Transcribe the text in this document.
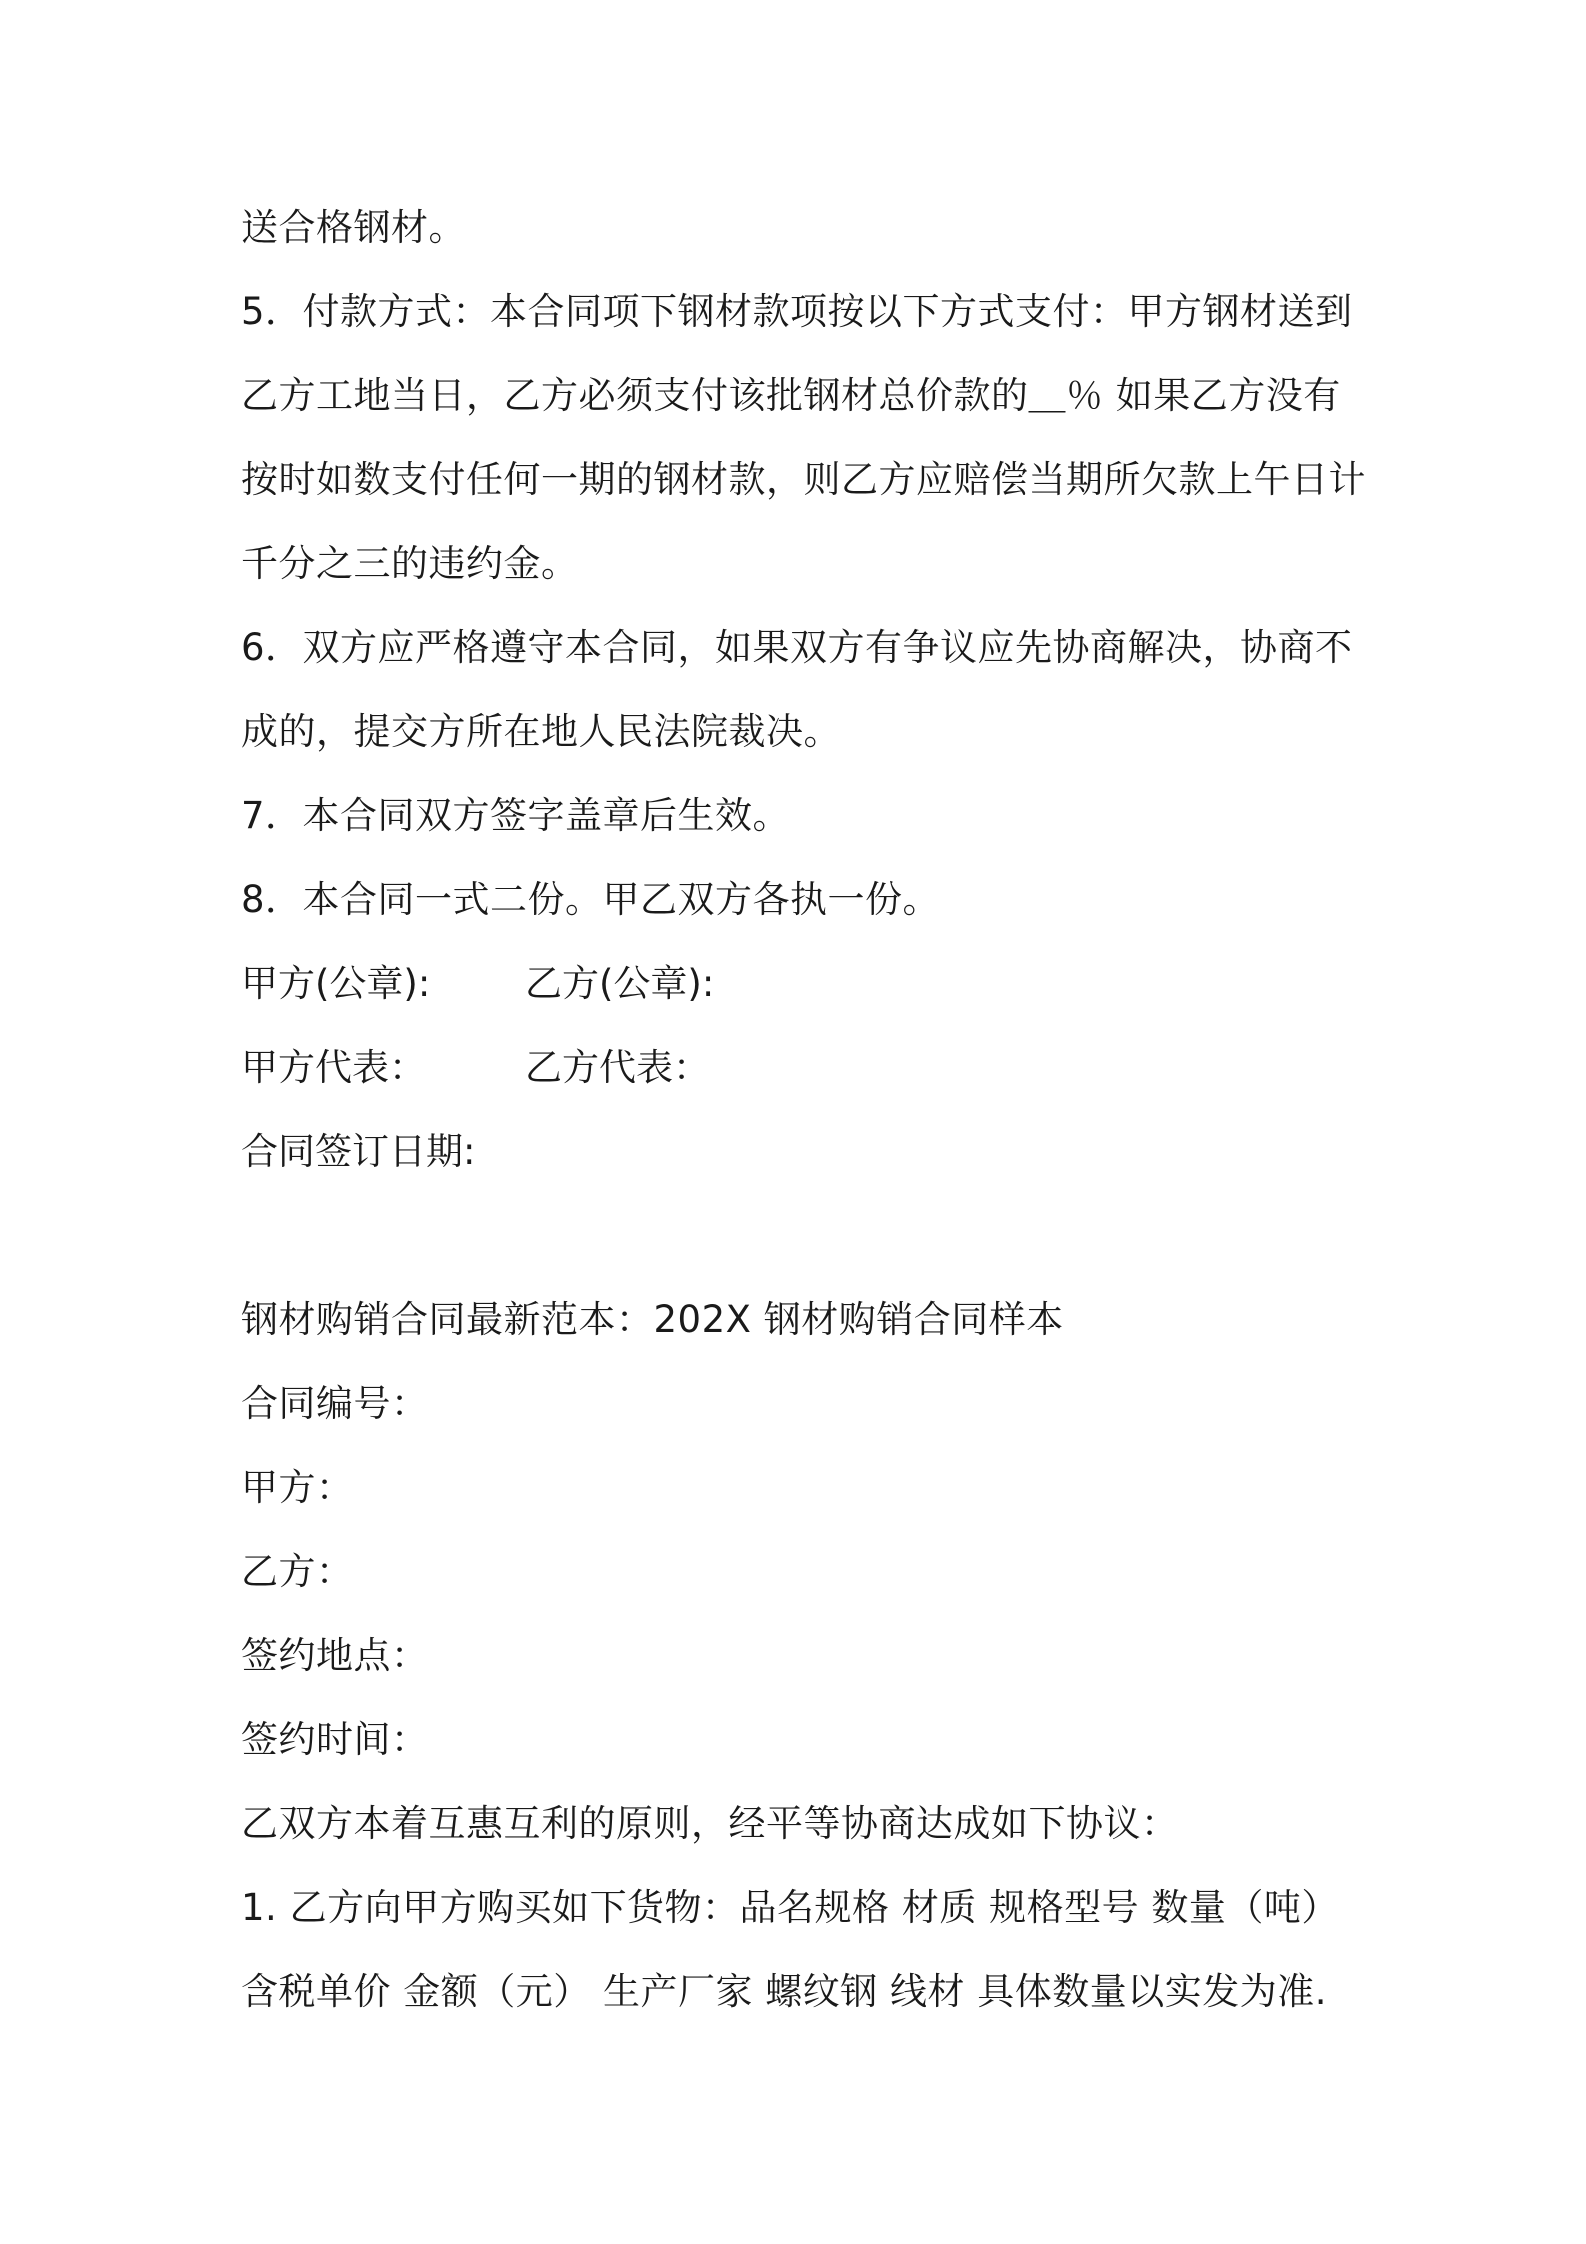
送合格钢材。
5．付款方式：本合同项下钢材款项按以下方式支付：甲方钢材送到
乙方工地当日，乙方必须支付该批钢材总价款的＿％ 如果乙方没有
按时如数支付任何一期的钢材款，则乙方应赔偿当期所欠款上午日计
千分之三的违约金。
6．双方应严格遵守本合同，如果双方有争议应先协商解决，协商不
成的，提交方所在地人民法院裁决。
7．本合同双方签字盖章后生效。
8．本合同一式二份。甲乙双方各执一份。
甲方(公章):	乙方(公章):
甲方代表：	乙方代表：
合同签订日期:
钢材购销合同最新范本：202X 钢材购销合同样本
合同编号：
甲方：
乙方：
签约地点：
签约时间：
乙双方本着互惠互利的原则，经平等协商达成如下协议：
1. 乙方向甲方购买如下货物：品名规格 材质 规格型号 数量（吨）
含税单价 金额（元） 生产厂家 螺纹钢 线材 具体数量以实发为准.
